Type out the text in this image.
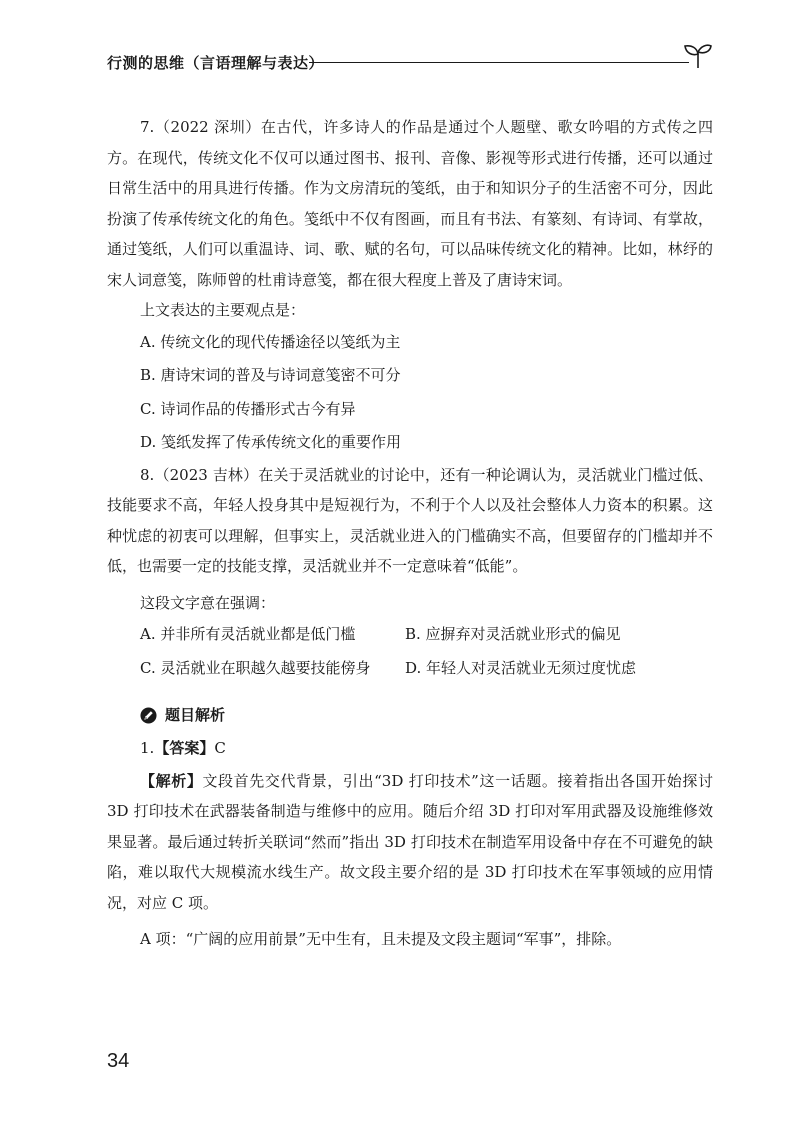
行测的思维（言语理解与表达）

7.（2022 深圳）在古代，许多诗人的作品是通过个人题壁、歌女吟唱的方式传之四方。在现代，传统文化不仅可以通过图书、报刊、音像、影视等形式进行传播，还可以通过日常生活中的用具进行传播。作为文房清玩的笺纸，由于和知识分子的生活密不可分，因此扮演了传承传统文化的角色。笺纸中不仅有图画，而且有书法、有篆刻、有诗词、有掌故，通过笺纸，人们可以重温诗、词、歌、赋的名句，可以品味传统文化的精神。比如，林纾的宋人词意笺，陈师曾的杜甫诗意笺，都在很大程度上普及了唐诗宋词。

上文表达的主要观点是：

A. 传统文化的现代传播途径以笺纸为主

B. 唐诗宋词的普及与诗词意笺密不可分

C. 诗词作品的传播形式古今有异

D. 笺纸发挥了传承传统文化的重要作用

8.（2023 吉林）在关于灵活就业的讨论中，还有一种论调认为，灵活就业门槛过低、技能要求不高，年轻人投身其中是短视行为，不利于个人以及社会整体人力资本的积累。这种忧虑的初衷可以理解，但事实上，灵活就业进入的门槛确实不高，但要留存的门槛却并不低，也需要一定的技能支撑，灵活就业并不一定意味着“低能”。

这段文字意在强调：

A. 并非所有灵活就业都是低门槛	B. 应摒弃对灵活就业形式的偏见
C. 灵活就业在职越久越要技能傍身	D. 年轻人对灵活就业无须过度忧虑
题目解析

1.【答案】C

【解析】文段首先交代背景，引出“3D 打印技术”这一话题。接着指出各国开始探讨 3D 打印技术在武器装备制造与维修中的应用。随后介绍 3D 打印对军用武器及设施维修效果显著。最后通过转折关联词“然而”指出 3D 打印技术在制造军用设备中存在不可避免的缺陷，难以取代大规模流水线生产。故文段主要介绍的是 3D 打印技术在军事领域的应用情况，对应 C 项。

A 项：“广阔的应用前景”无中生有，且未提及文段主题词“军事”，排除。

34
